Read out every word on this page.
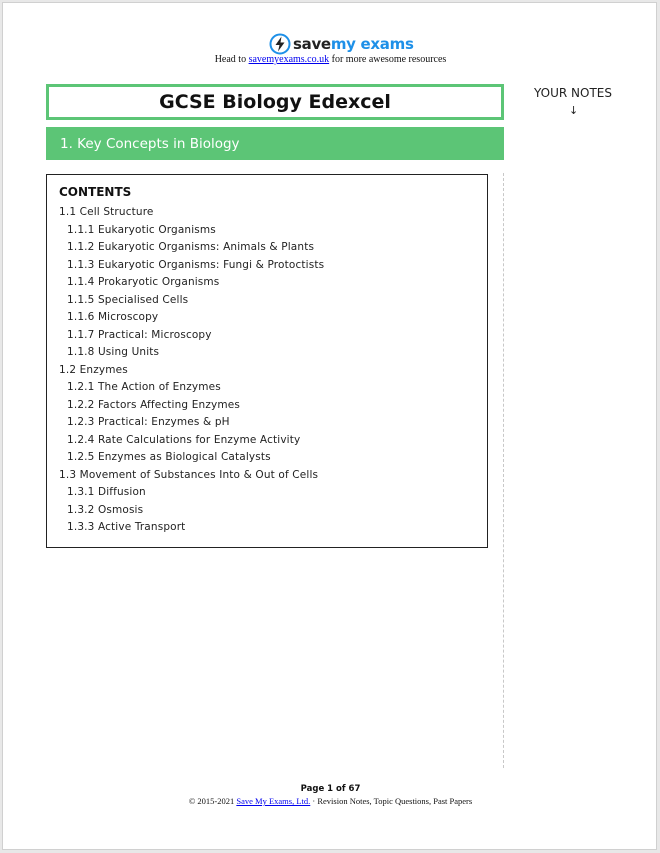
savemy exams
Head to savemyexams.co.uk for more awesome resources
GCSE Biology Edexcel
1. Key Concepts in Biology
YOUR NOTES
↓
CONTENTS
1.1 Cell Structure
1.1.1 Eukaryotic Organisms
1.1.2 Eukaryotic Organisms: Animals & Plants
1.1.3 Eukaryotic Organisms: Fungi & Protoctists
1.1.4 Prokaryotic Organisms
1.1.5 Specialised Cells
1.1.6 Microscopy
1.1.7 Practical: Microscopy
1.1.8 Using Units
1.2 Enzymes
1.2.1 The Action of Enzymes
1.2.2 Factors Affecting Enzymes
1.2.3 Practical: Enzymes & pH
1.2.4 Rate Calculations for Enzyme Activity
1.2.5 Enzymes as Biological Catalysts
1.3 Movement of Substances Into & Out of Cells
1.3.1 Diffusion
1.3.2 Osmosis
1.3.3 Active Transport
Page 1 of 67
© 2015-2021 Save My Exams, Ltd. · Revision Notes, Topic Questions, Past Papers
